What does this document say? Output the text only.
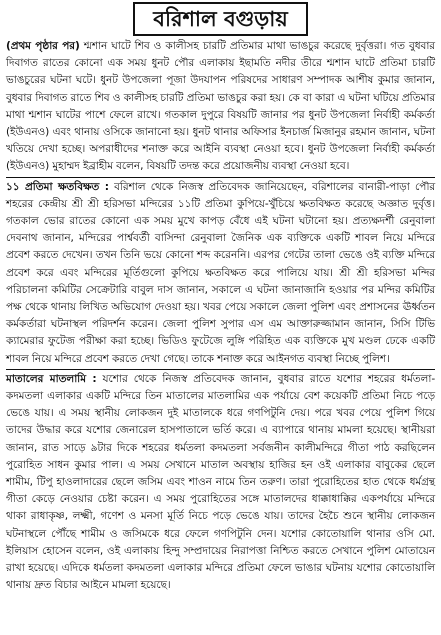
বরিশাল বগুড়ায়

(প্রথম পৃষ্ঠার পর) শ্মশান ঘাটে শিব ও কালীসহ চারটি প্রতিমার মাথা ভাঙচুর করেছে দুর্বৃত্তরা। গত বুধবার দিবাগত রাতের কোনো এক সময় ধুনট পৌর এলাকায় ইছামতি নদীর তীরে শ্মশান ঘাটে প্রতিমা চারটি ভাঙচুরের ঘটনা ঘটে। ধুনট উপজেলা পূজা উদযাপন পরিষদের সাধারণ সম্পাদক আশীষ কুমার জানান, বুধবার দিবাগত রাতে শিব ও কালীসহ চারটি প্রতিমা ভাঙচুর করা হয়। কে বা কারা এ ঘটনা ঘটিয়ে প্রতিমার মাথা শ্মশান ঘাটের পাশে ফেলে রাখে। গতকাল দুপুরে বিষয়টি জানার পর ধুনট উপজেলা নির্বাহী কর্মকর্তা (ইউএনও) এবং থানায় ওসিকে জানানো হয়। ধুনট থানার অফিসার ইনচার্জ মিজানুর রহমান জানান, ঘটনা খতিয়ে দেখা হচ্ছে। অপরাধীদের শনাক্ত করে আইনি ব্যবস্থা নেওয়া হবে। ধুনট উপজেলা নির্বাহী কর্মকর্তা (ইউএনও) মুহাম্মদ ইব্রাহীম বলেন, বিষয়টি তদন্ত করে প্রয়োজনীয় ব্যবস্থা নেওয়া হবে।

১১ প্রতিমা ক্ষতবিক্ষত : বরিশাল থেকে নিজস্ব প্রতিবেদক জানিয়েছেন, বরিশালের বানারী-পাড়া পৌর শহরের কেন্দ্রীয় শ্রী শ্রী হরিসভা মন্দিরের ১১টি প্রতিমা কুপিয়ে-খুঁচিয়ে ক্ষতবিক্ষত করেছে অজ্ঞাত দুর্বৃত্ত। গতকাল ভোর রাতের কোনো এক সময় মুখে কাপড় বেঁধে এই ঘটনা ঘটানো হয়। প্রত্যক্ষদর্শী রেনুবালা দেবনাথ জানান, মন্দিরের পার্শ্ববর্তী বাসিন্দা রেনুবালা জৈনিক এক ব্যক্তিকে একটি শাবল নিয়ে মন্দিরে প্রবেশ করতে দেখেন। তখন তিনি ভয়ে কোনো শব্দ করেননি। এরপর গেটের তালা ভেঙে ওই ব্যক্তি মন্দিরে প্রবেশ করে এবং মন্দিরের মূর্তিগুলো কুপিয়ে ক্ষতবিক্ষত করে পালিয়ে যায়। শ্রী শ্রী হরিসভা মন্দির পরিচালনা কমিটির সেক্রেটারি বাবুল দাস জানান, সকালে এ ঘটনা জানাজানি হওয়ার পর মন্দির কমিটির পক্ষ থেকে থানায় লিখিত অভিযোগ দেওয়া হয়। খবর পেয়ে সকালে জেলা পুলিশ এবং প্রশাসনের ঊর্ধ্বতন কর্মকর্তারা ঘটনাস্থল পরিদর্শন করেন। জেলা পুলিশ সুপার এস এম আক্তারুজ্জামান জানান, সিসি টিভি ক্যামেরার ফুটেজ পরীক্ষা করা হচ্ছে। ভিডিও ফুটেজে লুঙ্গি পরিহিত এক ব্যক্তিকে মুখ মণ্ডল ঢেকে একটি শাবল নিয়ে মন্দিরে প্রবেশ করতে দেখা গেছে। তাকে শনাক্ত করে আইনগত ব্যবস্থা নিচ্ছে পুলিশ।

মাতালের মাতলামি : যশোর থেকে নিজস্ব প্রতিবেদক জানান, বুধবার রাতে যশোর শহরের ধর্মতলা-কদমতলা এলাকার একটি মন্দিরে তিন মাতালের মাতলামির এক পর্যায়ে বেশ কয়েকটি প্রতিমা নিচে পড়ে ভেঙে যায়। এ সময় স্থানীয় লোকজন দুই মাতালকে ধরে গণপিটুনি দেয়। পরে খবর পেয়ে পুলিশ গিয়ে তাদের উদ্ধার করে যশোর জেনারেল হাসপাতালে ভর্তি করে। এ ব্যাপারে থানায় মামলা হয়েছে। স্থানীয়রা জানান, রাত সাড়ে ৯টার দিকে শহরের ধর্মতলা কদমতলা সর্বজনীন কালীমন্দিরে গীতা পাঠ করছিলেন পুরোহিত সাধন কুমার পাল। এ সময় সেখানে মাতাল অবস্থায় হাজির হন ওই এলাকার বাবুকের ছেলে শামীম, টিপু হাওলাদারের ছেলে জসিম এবং শাওন নামে তিন তরুণ। তারা পুরোহিতের হাত থেকে ধর্মগ্রন্থ গীতা কেড়ে নেওয়ার চেষ্টা করেন। এ সময় পুরোহিতের সঙ্গে মাতালদের ধাক্কাধাক্কির একপর্যায়ে মন্দিরে থাকা রাধাকৃষ্ণ, লক্ষ্মী, গণেশ ও মনসা মূর্তি নিচে পড়ে ভেঙে যায়। তাদের হৈচৈ শুনে স্থানীয় লোকজন ঘটনাস্থলে পৌঁছে শামীম ও জসিমকে ধরে ফেলে গণপিটুনি দেন। যশোর কোতোয়ালি থানার ওসি মো. ইলিয়াস হোসেন বলেন, ওই এলাকায় হিন্দু সম্প্রদায়ের নিরাপত্তা নিশ্চিত করতে সেখানে পুলিশ মোতায়েন রাখা হয়েছে। এদিকে ধর্মতলা কদমতলা এলাকার মন্দিরে প্রতিমা ফেলে ভাঙার ঘটনায় যশোর কোতোয়ালি থানায় দ্রুত বিচার আইনে মামলা হয়েছে।
